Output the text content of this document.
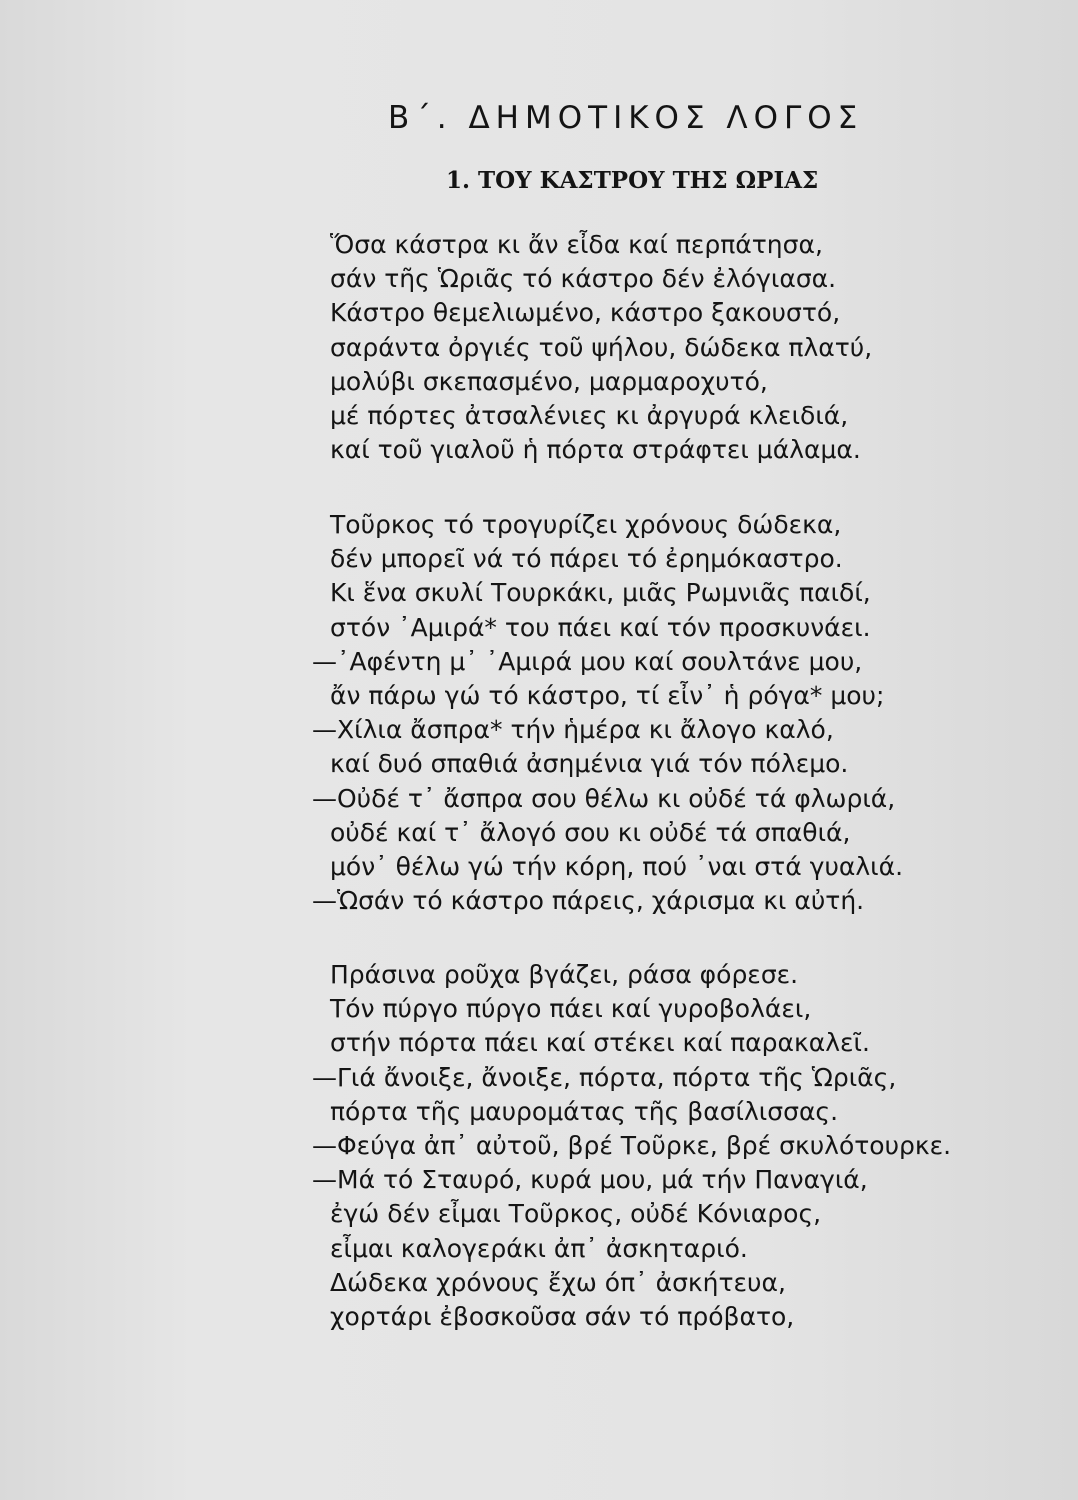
Β΄. ΔΗΜΟΤΙΚΟΣ ΛΟΓΟΣ
1. ΤΟΥ ΚΑΣΤΡΟΥ ΤΗΣ ΩΡΙΑΣ
Ὅσα κάστρα κι ἄν εἶδα καί περπάτησα,
σάν τῆς Ὡριᾶς τό κάστρο δέν ἐλόγιασα.
Κάστρο θεμελιωμένο, κάστρο ξακουστό,
σαράντα ὀργιές τοῦ ψήλου, δώδεκα πλατύ,
μολύβι σκεπασμένο, μαρμαροχυτό,
μέ πόρτες ἀτσαλένιες κι ἀργυρά κλειδιά,
καί τοῦ γιαλοῦ ἡ πόρτα στράφτει μάλαμα.
Τοῦρκος τό τρογυρίζει χρόνους δώδεκα,
δέν μπορεῖ νά τό πάρει τό ἐρημόκαστρο.
Κι ἕνα σκυλί Τουρκάκι, μιᾶς Ρωμνιᾶς παιδί,
στόν ᾿Αμιρά* του πάει καί τόν προσκυνάει.
—᾿Αφέντη μ᾿ ᾿Αμιρά μου καί σουλτάνε μου,
ἄν πάρω γώ τό κάστρο, τί εἶν᾿ ἡ ρόγα* μου;
—Χίλια ἄσπρα* τήν ἡμέρα κι ἄλογο καλό,
καί δυό σπαθιά ἀσημένια γιά τόν πόλεμο.
—Οὐδέ τ᾿ ἄσπρα σου θέλω κι οὐδέ τά φλωριά,
οὐδέ καί τ᾿ ἄλογό σου κι οὐδέ τά σπαθιά,
μόν᾿ θέλω γώ τήν κόρη, πού ᾿ναι στά γυαλιά.
—Ὡσάν τό κάστρο πάρεις, χάρισμα κι αὐτή.
Πράσινα ροῦχα βγάζει, ράσα φόρεσε.
Τόν πύργο πύργο πάει καί γυροβολάει,
στήν πόρτα πάει καί στέκει καί παρακαλεῖ.
—Γιά ἄνοιξε, ἄνοιξε, πόρτα, πόρτα τῆς Ὡριᾶς,
πόρτα τῆς μαυρομάτας τῆς βασίλισσας.
—Φεύγα ἀπ᾿ αὐτοῦ, βρέ Τοῦρκε, βρέ σκυλότουρκε.
—Μά τό Σταυρό, κυρά μου, μά τήν Παναγιά,
ἐγώ δέν εἶμαι Τοῦρκος, οὐδέ Κόνιαρος,
εἶμαι καλογεράκι ἀπ᾿ ἀσκηταριό.
Δώδεκα χρόνους ἔχω όπ᾿ ἀσκήτευα,
χορτάρι ἐβοσκοῦσα σάν τό πρόβατο,
